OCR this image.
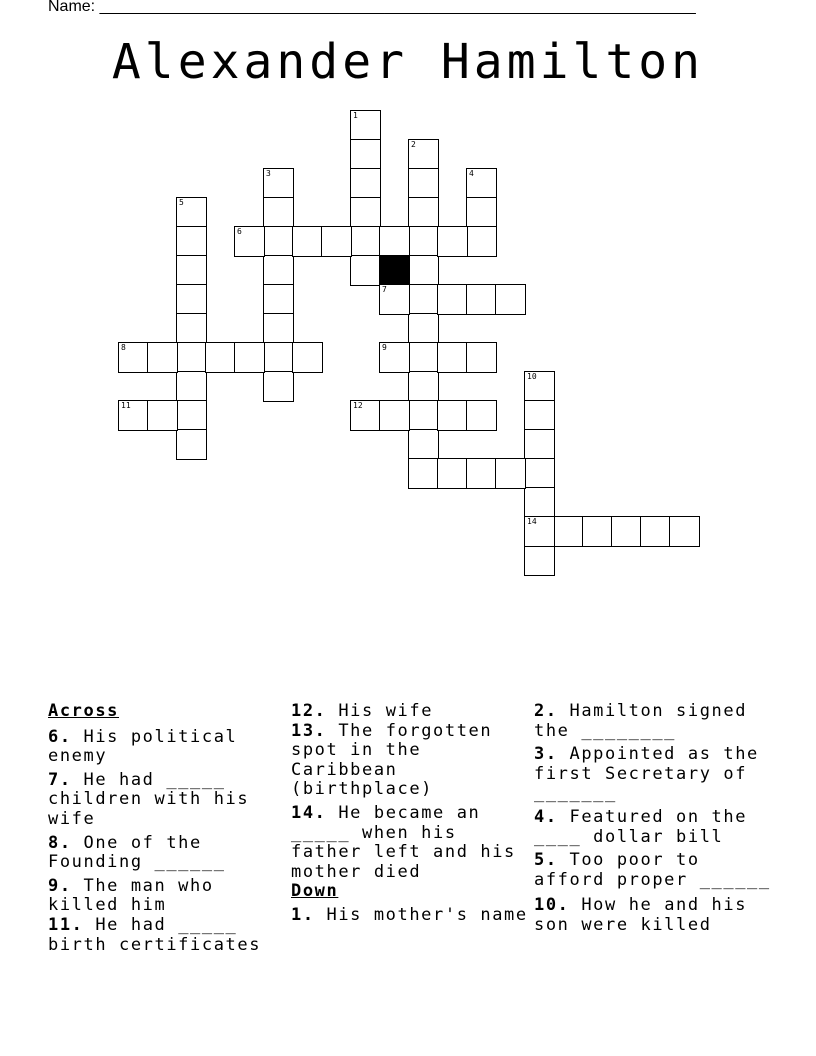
Name: ___________________________________________________________________
Alexander Hamilton
1
2
3	4
5
6
7
8	9
10
11	12
14
Across
6. His political enemy
7. He had _____ children with his wife
8. One of the Founding ______
9. The man who killed him
11. He had _____ birth certificates
12. His wife
13. The forgotten spot in the Caribbean (birthplace)
14. He became an _____ when his father left and his mother died
Down
1. His mother's name
2. Hamilton signed the ________
3. Appointed as the first Secretary of _______
4. Featured on the ____ dollar bill
5. Too poor to afford proper ______
10. How he and his son were killed
